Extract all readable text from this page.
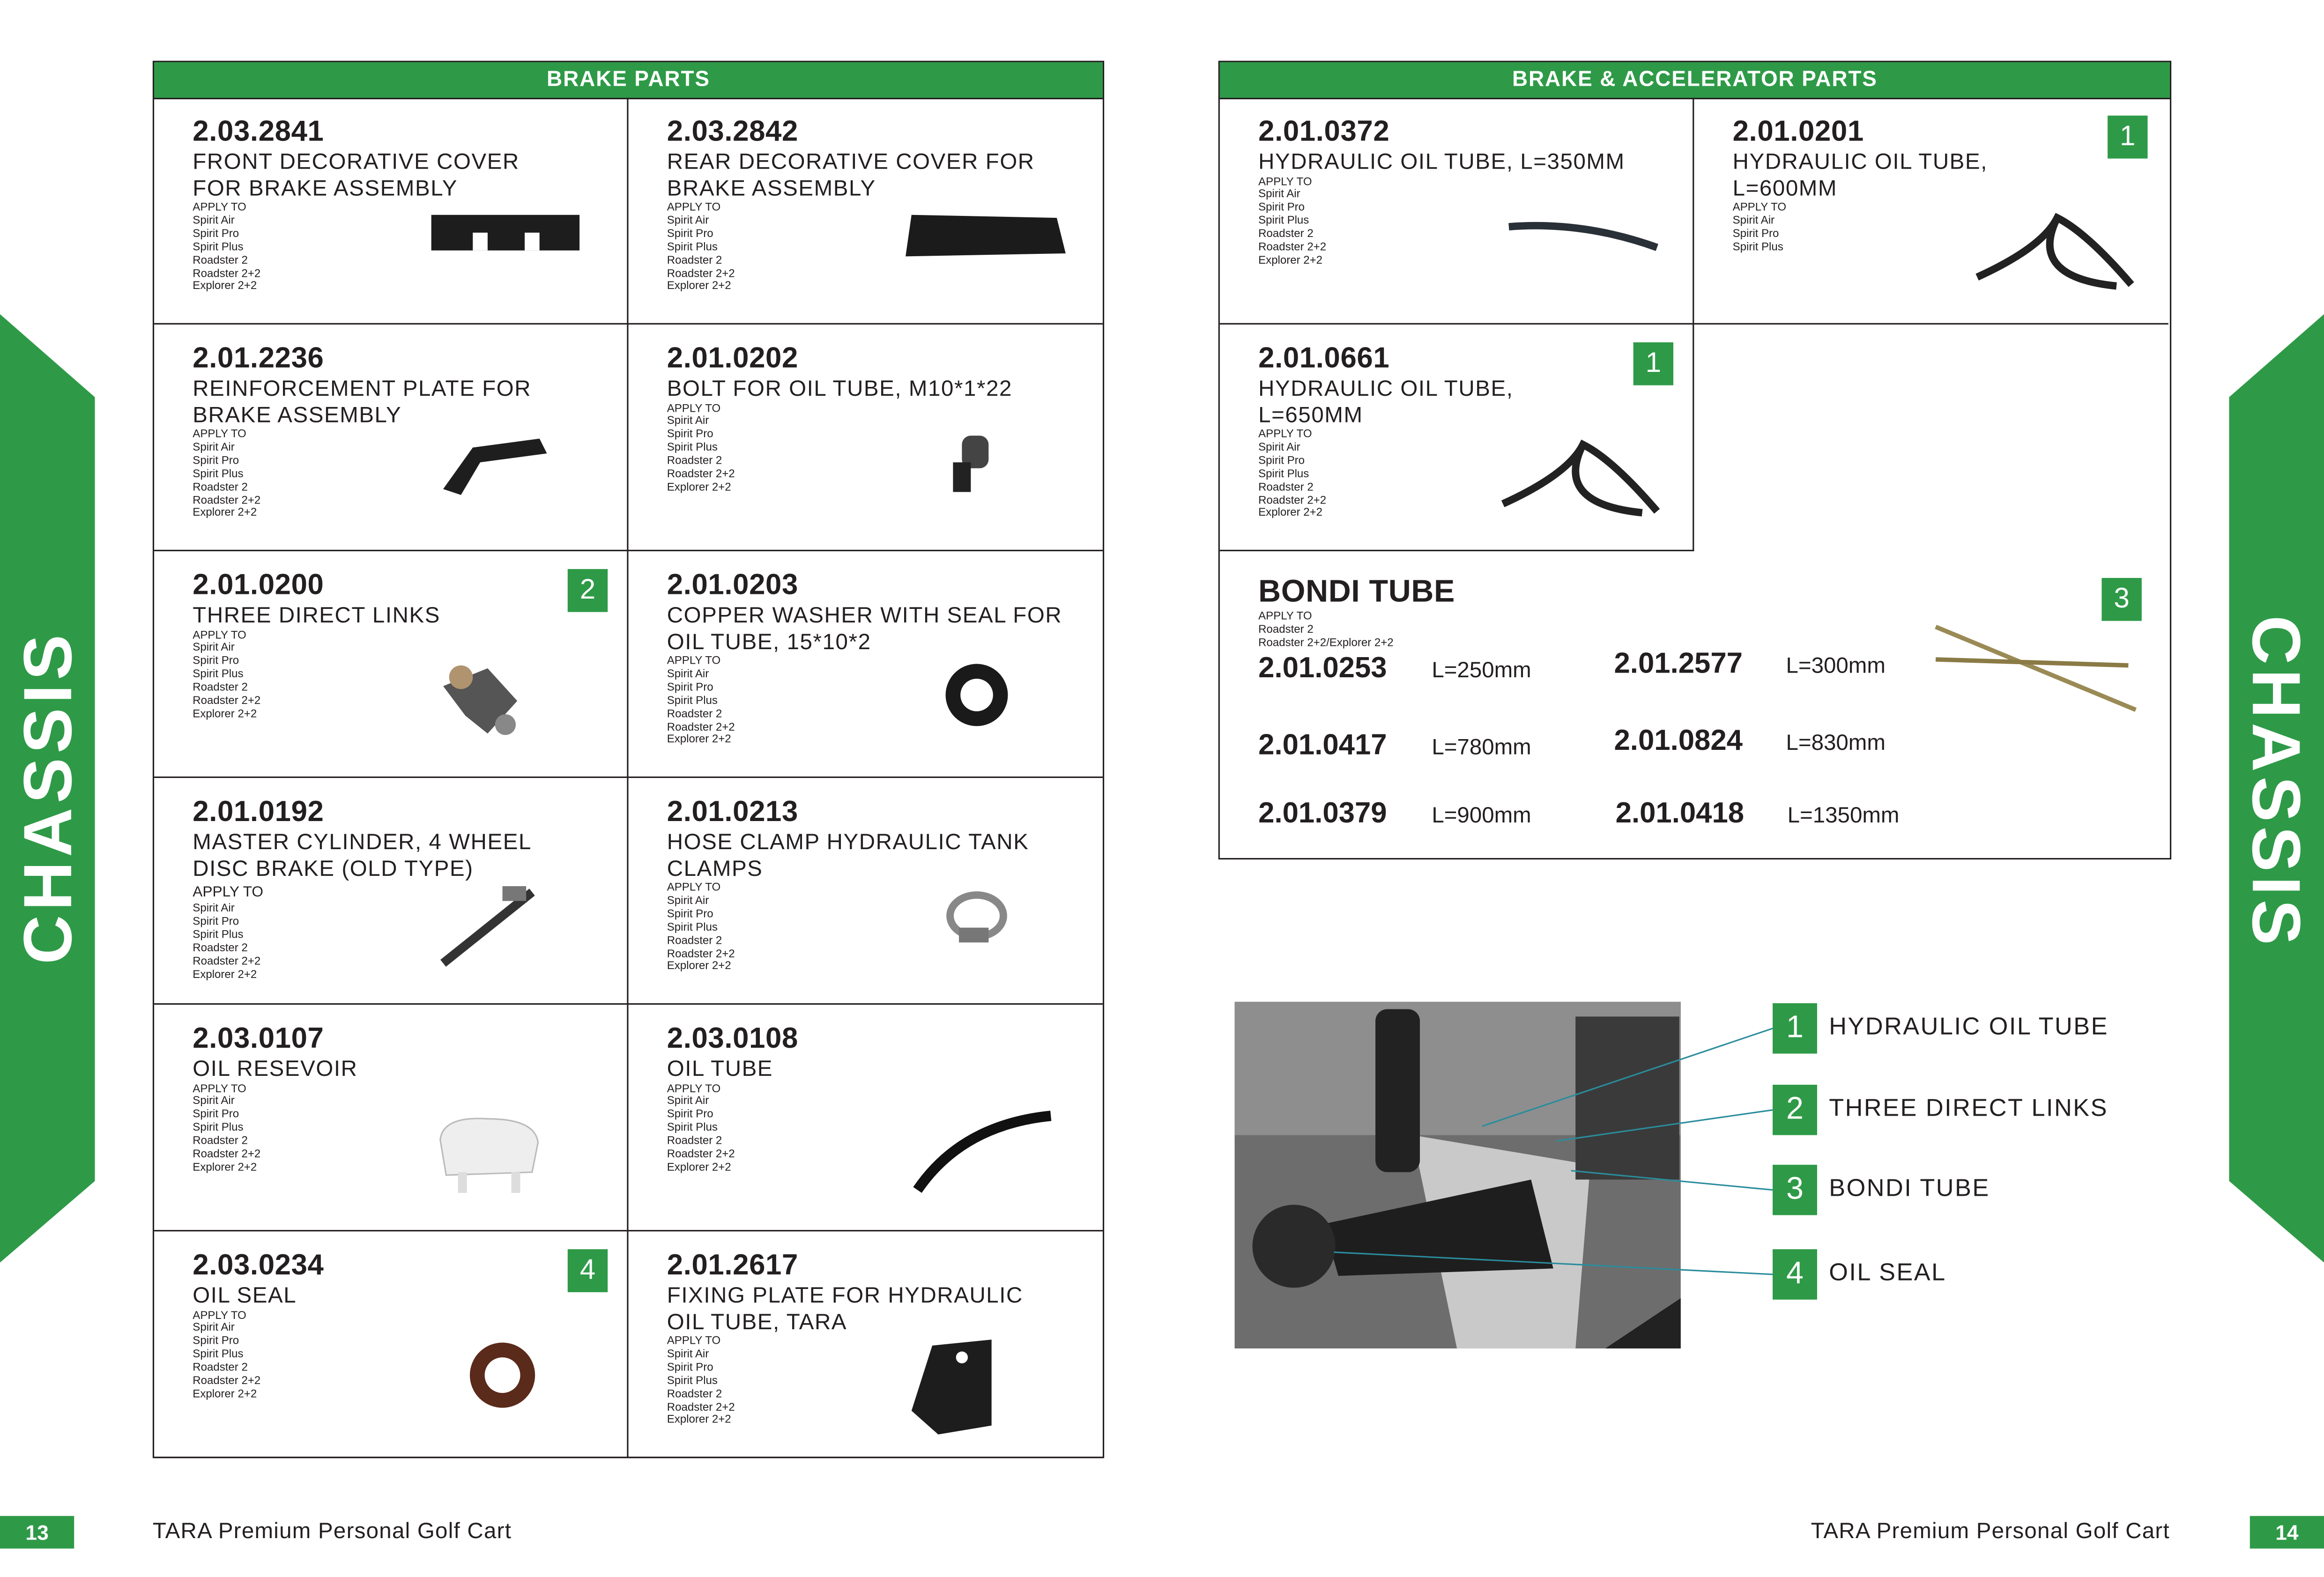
CHASSIS	CHASSIS
BRAKE PARTS
2.03.2841
FRONT DECORATIVE COVER
FOR BRAKE ASSEMBLY
APPLY TO
Spirit Air
Spirit Pro
Spirit Plus
Roadster 2
Roadster 2+2
Explorer 2+2
2.03.2842
REAR DECORATIVE COVER FOR
BRAKE ASSEMBLY
APPLY TO
Spirit Air
Spirit Pro
Spirit Plus
Roadster 2
Roadster 2+2
Explorer 2+2
2.01.2236
REINFORCEMENT PLATE FOR
BRAKE ASSEMBLY
APPLY TO
Spirit Air
Spirit Pro
Spirit Plus
Roadster 2
Roadster 2+2
Explorer 2+2
2.01.0202
BOLT FOR OIL TUBE, M10*1*22
APPLY TO
Spirit Air
Spirit Pro
Spirit Plus
Roadster 2
Roadster 2+2
Explorer 2+2
2.01.0200
THREE DIRECT LINKS
APPLY TO
Spirit Air
Spirit Pro
Spirit Plus
Roadster 2
Roadster 2+2
Explorer 2+2
2	2.01.0203
COPPER WASHER WITH SEAL FOR
OIL TUBE, 15*10*2
APPLY TO
Spirit Air
Spirit Pro
Spirit Plus
Roadster 2
Roadster 2+2
Explorer 2+2
2.01.0192
MASTER CYLINDER, 4 WHEEL
DISC BRAKE (OLD TYPE)
APPLY TO
Spirit Air
Spirit Pro
Spirit Plus
Roadster 2
Roadster 2+2
Explorer 2+2
2.01.0213
HOSE CLAMP HYDRAULIC TANK
CLAMPS
APPLY TO
Spirit Air
Spirit Pro
Spirit Plus
Roadster 2
Roadster 2+2
Explorer 2+2
2.03.0107
OIL RESEVOIR
APPLY TO
Spirit Air
Spirit Pro
Spirit Plus
Roadster 2
Roadster 2+2
Explorer 2+2
2.03.0108
OIL TUBE
APPLY TO
Spirit Air
Spirit Pro
Spirit Plus
Roadster 2
Roadster 2+2
Explorer 2+2
2.03.0234
OIL SEAL
APPLY TO
Spirit Air
Spirit Pro
Spirit Plus
Roadster 2
Roadster 2+2
Explorer 2+2
4	2.01.2617
FIXING PLATE FOR HYDRAULIC
OIL TUBE, TARA
APPLY TO
Spirit Air
Spirit Pro
Spirit Plus
Roadster 2
Roadster 2+2
Explorer 2+2
BRAKE & ACCELERATOR PARTS
BONDI TUBE
APPLY TO
Roadster 2
Roadster 2+2/Explorer 2+2
3
2.01.0253	L=250mm	2.01.2577	L=300mm
2.01.0417	L=780mm	2.01.0824	L=830mm
2.01.0379	L=900mm	2.01.0418	L=1350mm
2.01.0372
HYDRAULIC OIL TUBE, L=350MM
APPLY TO
Spirit Air
Spirit Pro
Spirit Plus
Roadster 2
Roadster 2+2
Explorer 2+2
2.01.0201
HYDRAULIC OIL TUBE,
L=600MM
APPLY TO
Spirit Air
Spirit Pro
Spirit Plus
1
2.01.0661
HYDRAULIC OIL TUBE,
L=650MM
APPLY TO
Spirit Air
Spirit Pro
Spirit Plus
Roadster 2
Roadster 2+2
Explorer 2+2
1
1	HYDRAULIC OIL TUBE
2	THREE DIRECT LINKS
3	BONDI TUBE
4	OIL SEAL
13	TARA Premium Personal Golf Cart	TARA Premium Personal Golf Cart	14
